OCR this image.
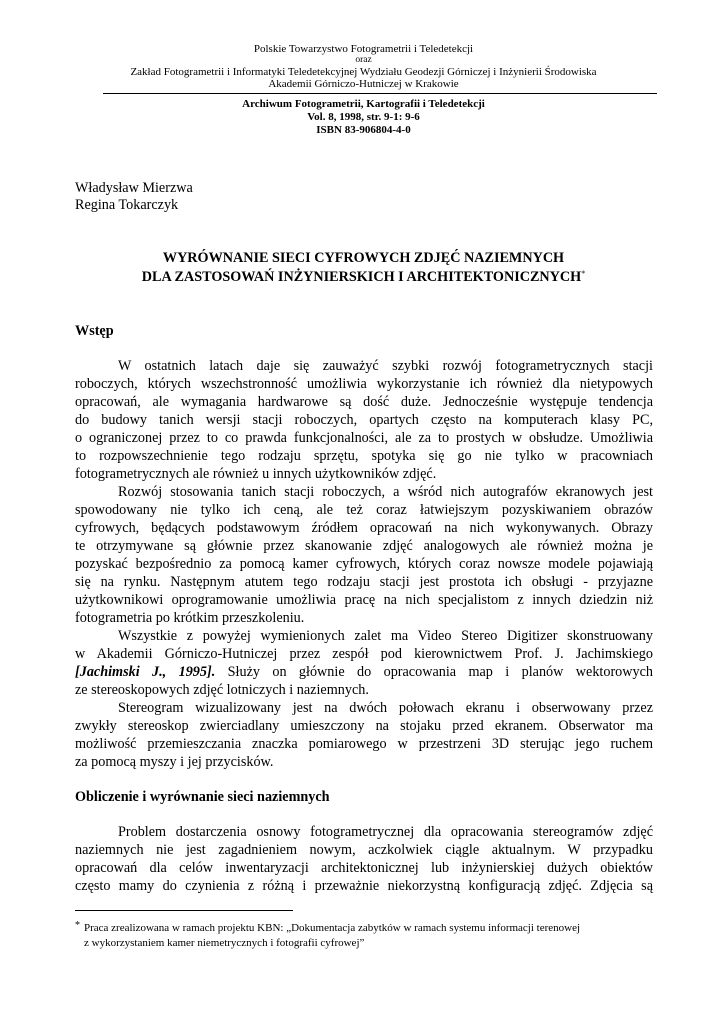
Polskie Towarzystwo Fotogrametrii i Teledetekcji
oraz
Zakład Fotogrametrii i Informatyki Teledetekcyjnej Wydziału Geodezji Górniczej i Inżynierii Środowiska
Akademii Górniczo-Hutniczej w Krakowie
Archiwum Fotogrametrii, Kartografii i Teledetekcji
Vol. 8, 1998, str. 9-1: 9-6
ISBN 83-906804-4-0
Władysław Mierzwa
Regina Tokarczyk
WYRÓWNANIE SIECI CYFROWYCH ZDJĘĆ NAZIEMNYCH
DLA ZASTOSOWAŃ INŻYNIERSKICH I ARCHITEKTONICZNYCH*
Wstęp
W ostatnich latach daje się zauważyć szybki rozwój fotogrametrycznych stacji
roboczych, których wszechstronność umożliwia wykorzystanie ich również dla nietypowych
opracowań, ale wymagania hardwarowe są dość duże. Jednocześnie występuje tendencja
do budowy tanich wersji stacji roboczych, opartych często na komputerach klasy PC,
o ograniczonej przez to co prawda funkcjonalności, ale za to prostych w obsłudze. Umożliwia
to rozpowszechnienie tego rodzaju sprzętu, spotyka się go nie tylko w pracowniach
fotogrametrycznych ale również u innych użytkowników zdjęć.
Rozwój stosowania tanich stacji roboczych, a wśród nich autografów ekranowych jest
spowodowany nie tylko ich ceną, ale też coraz łatwiejszym pozyskiwaniem obrazów
cyfrowych, będących podstawowym źródłem opracowań na nich wykonywanych. Obrazy
te otrzymywane są głównie przez skanowanie zdjęć analogowych ale również można je
pozyskać bezpośrednio za pomocą kamer cyfrowych, których coraz nowsze modele pojawiają
się na rynku. Następnym atutem tego rodzaju stacji jest prostota ich obsługi - przyjazne
użytkownikowi oprogramowanie umożliwia pracę na nich specjalistom z innych dziedzin niż
fotogrametria po krótkim przeszkoleniu.
Wszystkie z powyżej wymienionych zalet ma Video Stereo Digitizer skonstruowany
w Akademii Górniczo-Hutniczej przez zespół pod kierownictwem Prof. J. Jachimskiego
[Jachimski J., 1995]. Służy on głównie do opracowania map i planów wektorowych
ze stereoskopowych zdjęć lotniczych i naziemnych.
Stereogram wizualizowany jest na dwóch połowach ekranu i obserwowany przez
zwykły stereoskop zwierciadlany umieszczony na stojaku przed ekranem. Obserwator ma
możliwość przemieszczania znaczka pomiarowego w przestrzeni 3D sterując jego ruchem
za pomocą myszy i jej przycisków.
Obliczenie i wyrównanie sieci naziemnych
Problem dostarczenia osnowy fotogrametrycznej dla opracowania stereogramów zdjęć
naziemnych nie jest zagadnieniem nowym, aczkolwiek ciągle aktualnym. W przypadku
opracowań dla celów inwentaryzacji architektonicznej lub inżynierskiej dużych obiektów
często mamy do czynienia z różną i przeważnie niekorzystną konfiguracją zdjęć. Zdjęcia są
* Praca zrealizowana w ramach projektu KBN: „Dokumentacja zabytków w ramach systemu informacji terenowej
z wykorzystaniem kamer niemetrycznych i fotografii cyfrowej”
